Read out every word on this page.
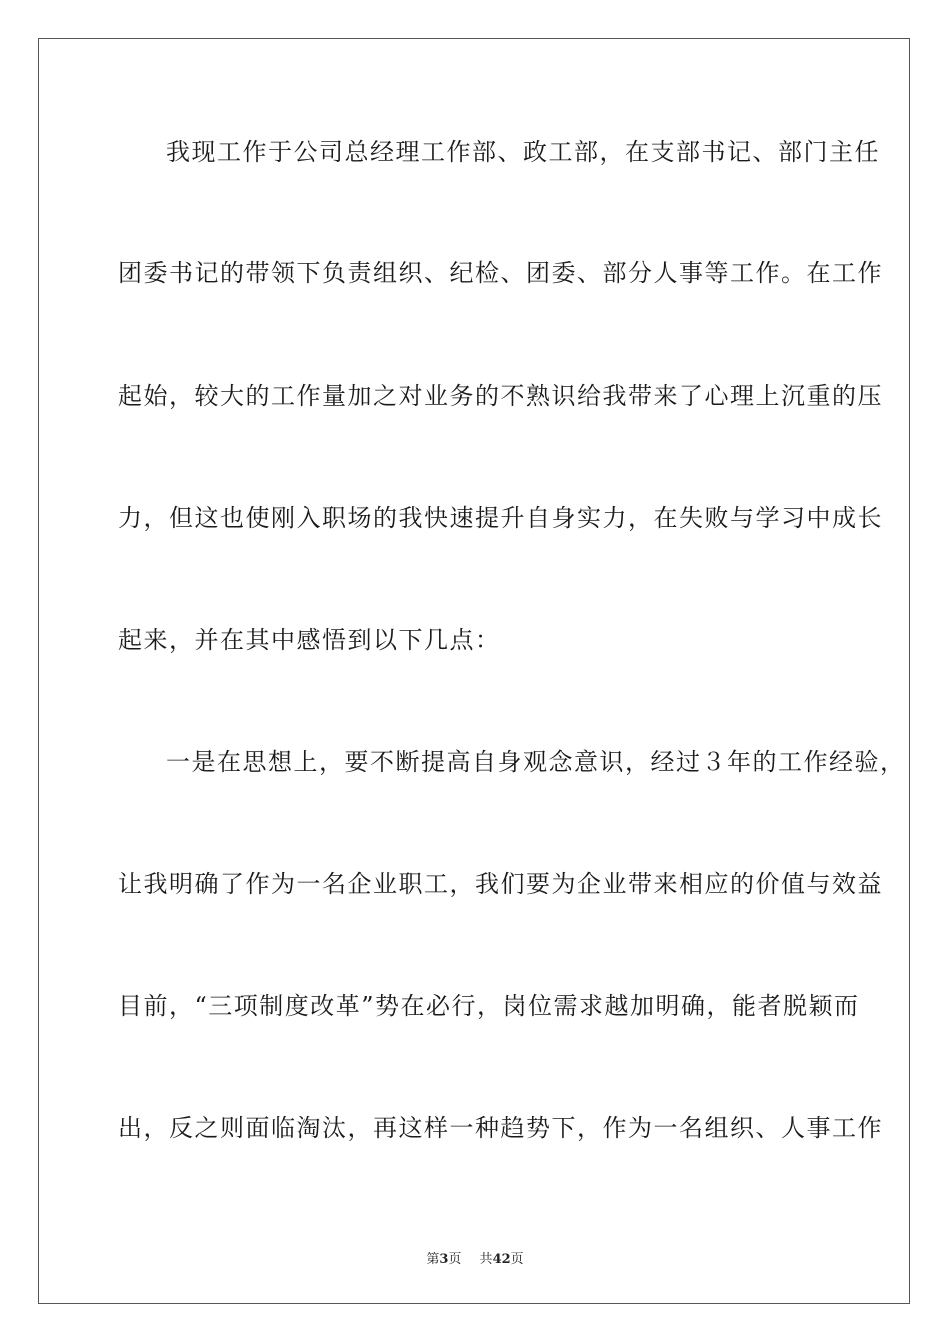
我现工作于公司总经理工作部、政工部，在支部书记、部门主任
团委书记的带领下负责组织、纪检、团委、部分人事等工作。在工作
起始，较大的工作量加之对业务的不熟识给我带来了心理上沉重的压
力，但这也使刚入职场的我快速提升自身实力，在失败与学习中成长
起来，并在其中感悟到以下几点：
一是在思想上，要不断提高自身观念意识，经过３年的工作经验，
让我明确了作为一名企业职工，我们要为企业带来相应的价值与效益
目前，“三项制度改革”势在必行，岗位需求越加明确，能者脱颖而
出，反之则面临淘汰，再这样一种趋势下，作为一名组织、人事工作
第3页 共42页
